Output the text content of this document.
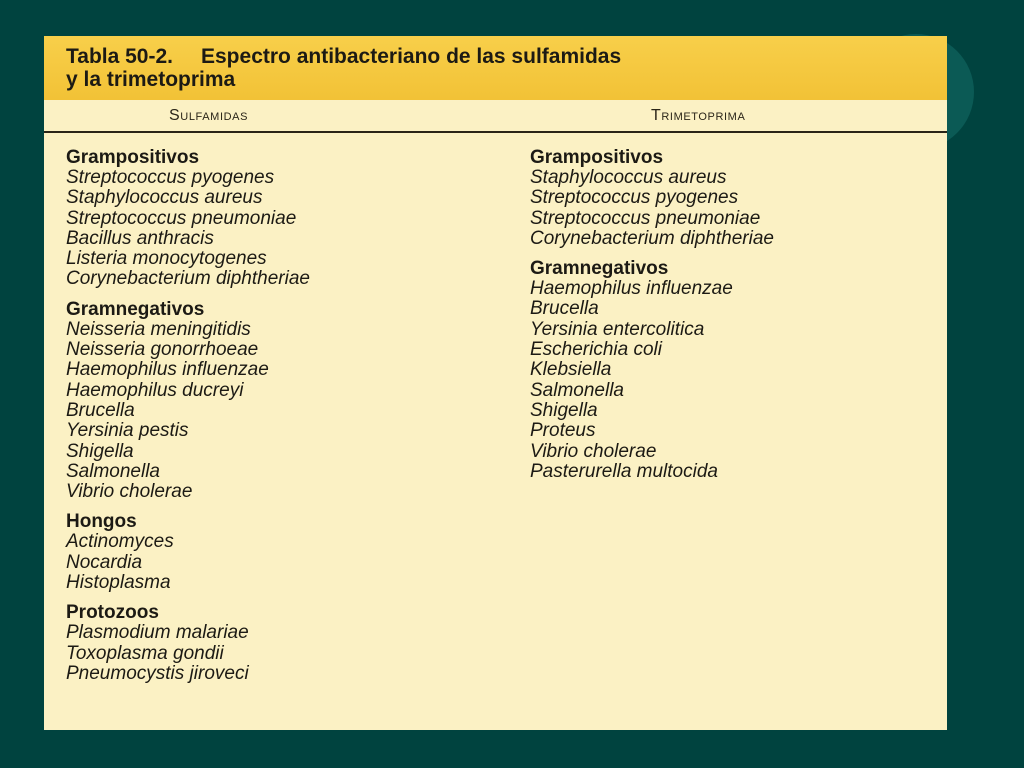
Tabla 50-2. Espectro antibacteriano de las sulfamidas
y la trimetoprima
Sulfamidas	Trimetoprima
Grampositivos
Streptococcus pyogenes
Staphylococcus aureus
Streptococcus pneumoniae
Bacillus anthracis
Listeria monocytogenes
Corynebacterium diphtheriae
Gramnegativos
Neisseria meningitidis
Neisseria gonorrhoeae
Haemophilus influenzae
Haemophilus ducreyi
Brucella
Yersinia pestis
Shigella
Salmonella
Vibrio cholerae
Hongos
Actinomyces
Nocardia
Histoplasma
Protozoos
Plasmodium malariae
Toxoplasma gondii
Pneumocystis jiroveci
Grampositivos
Staphylococcus aureus
Streptococcus pyogenes
Streptococcus pneumoniae
Corynebacterium diphtheriae
Gramnegativos
Haemophilus influenzae
Brucella
Yersinia entercolitica
Escherichia coli
Klebsiella
Salmonella
Shigella
Proteus
Vibrio cholerae
Pasterurella multocida
